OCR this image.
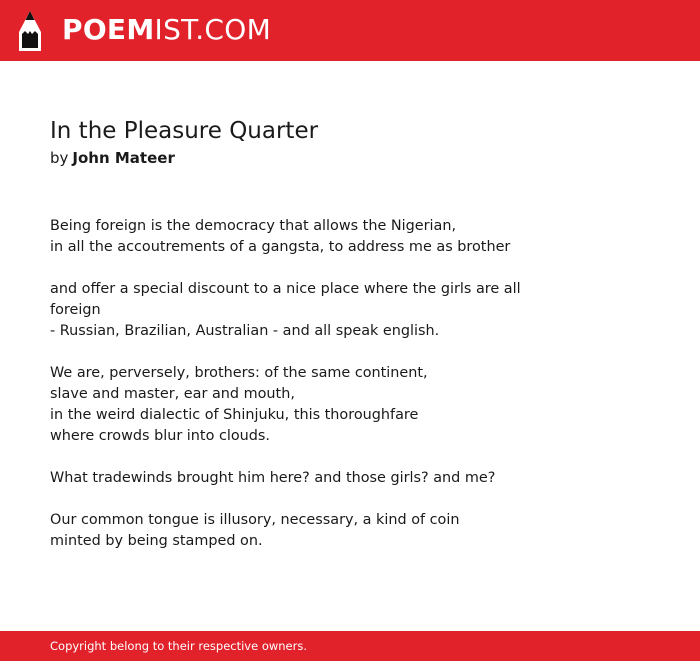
POEMIST.COM
In the Pleasure Quarter
by John Mateer
Being foreign is the democracy that allows the Nigerian,
in all the accoutrements of a gangsta, to address me as brother
and offer a special discount to a nice place where the girls are all
foreign
- Russian, Brazilian, Australian - and all speak english.
We are, perversely, brothers: of the same continent,
slave and master, ear and mouth,
in the weird dialectic of Shinjuku, this thoroughfare
where crowds blur into clouds.
What tradewinds brought him here? and those girls? and me?
Our common tongue is illusory, necessary, a kind of coin
minted by being stamped on.
Copyright belong to their respective owners.
